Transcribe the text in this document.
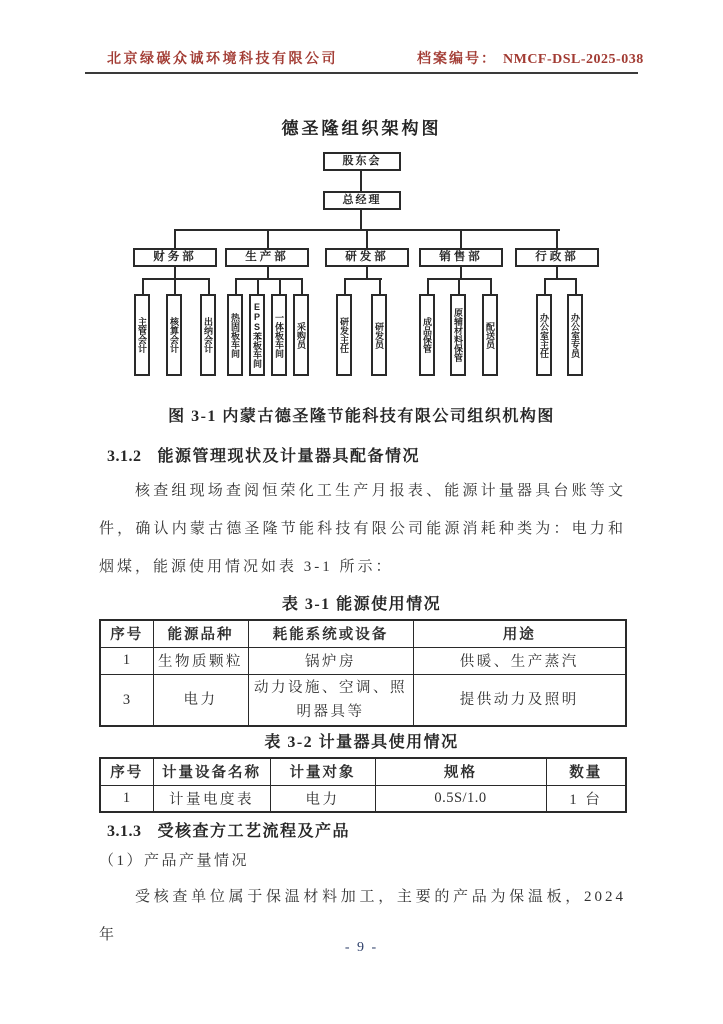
北京绿碳众诚环境科技有限公司	档案编号： NMCF-DSL-2025-038
德圣隆组织架构图
股东会
总经理
财务部	生产部	研发部	销售部	行政部
主管会计	核算会计	出纳会计	热固板车间	EPS苯板车间	一体板车间	采购员	研发主任	研发员	成品保管	原辅材料保管	配送员	办公室主任	办公室专员
图 3-1 内蒙古德圣隆节能科技有限公司组织机构图
3.1.2 能源管理现状及计量器具配备情况

核查组现场查阅恒荣化工生产月报表、能源计量器具台账等文件，确认内蒙古德圣隆节能科技有限公司能源消耗种类为：电力和烟煤，能源使用情况如表 3-1 所示：

表 3-1 能源使用情况
序号	能源品种	耗能系统或设备	用途
1	生物质颗粒	锅炉房	供暖、生产蒸汽
3	电力	动力设施、空调、照明器具等	提供动力及照明
表 3-2 计量器具使用情况
序号	计量设备名称	计量对象	规格	数量
1	计量电度表	电力	0.5S/1.0	1 台
3.1.3 受核查方工艺流程及产品
（1）产品产量情况

受核查单位属于保温材料加工，主要的产品为保温板，2024 年

- 9 -
